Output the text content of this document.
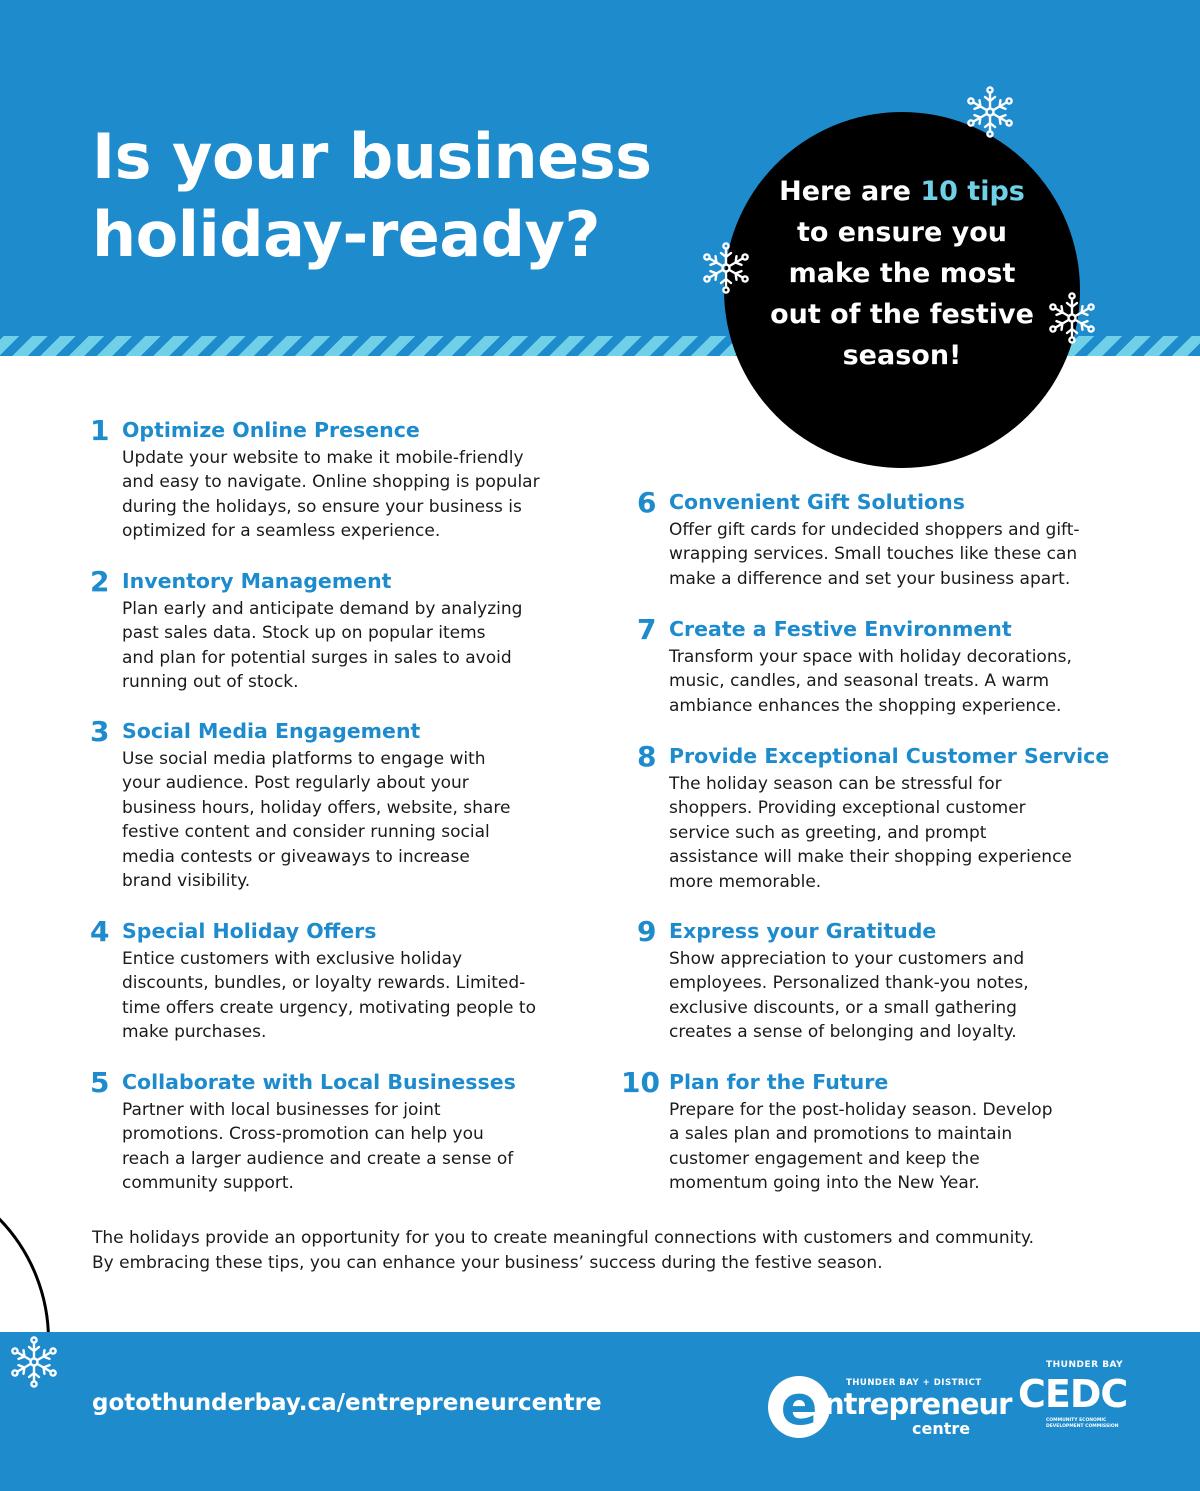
Is your business
holiday-ready?
Here are 10 tips
to ensure you
make the most
out of the festive
season!
1 Optimize Online Presence

Update your website to make it mobile-friendly
and easy to navigate. Online shopping is popular
during the holidays, so ensure your business is
optimized for a seamless experience.

2 Inventory Management

Plan early and anticipate demand by analyzing
past sales data. Stock up on popular items
and plan for potential surges in sales to avoid
running out of stock.

3 Social Media Engagement

Use social media platforms to engage with
your audience. Post regularly about your
business hours, holiday offers, website, share
festive content and consider running social
media contests or giveaways to increase
brand visibility.

4 Special Holiday Offers

Entice customers with exclusive holiday
discounts, bundles, or loyalty rewards. Limited-
time offers create urgency, motivating people to
make purchases.

5 Collaborate with Local Businesses

Partner with local businesses for joint
promotions. Cross-promotion can help you
reach a larger audience and create a sense of
community support.

6 Convenient Gift Solutions

Offer gift cards for undecided shoppers and gift-
wrapping services. Small touches like these can
make a difference and set your business apart.

7 Create a Festive Environment

Transform your space with holiday decorations,
music, candles, and seasonal treats. A warm
ambiance enhances the shopping experience.

8 Provide Exceptional Customer Service

The holiday season can be stressful for
shoppers. Providing exceptional customer
service such as greeting, and prompt
assistance will make their shopping experience
more memorable.

9 Express your Gratitude

Show appreciation to your customers and
employees. Personalized thank-you notes,
exclusive discounts, or a small gathering
creates a sense of belonging and loyalty.

10 Plan for the Future

Prepare for the post-holiday season. Develop
a sales plan and promotions to maintain
customer engagement and keep the
momentum going into the New Year.

The holidays provide an opportunity for you to create meaningful connections with customers and community.
By embracing these tips, you can enhance your business’ success during the festive season.

gotothunderbay.ca/entrepreneurcentre	e	THUNDER BAY + DISTRICT
ntrepreneur
centre
THUNDER BAY
CEDC
COMMUNITY ECONOMIC
DEVELOPMENT COMMISSION
